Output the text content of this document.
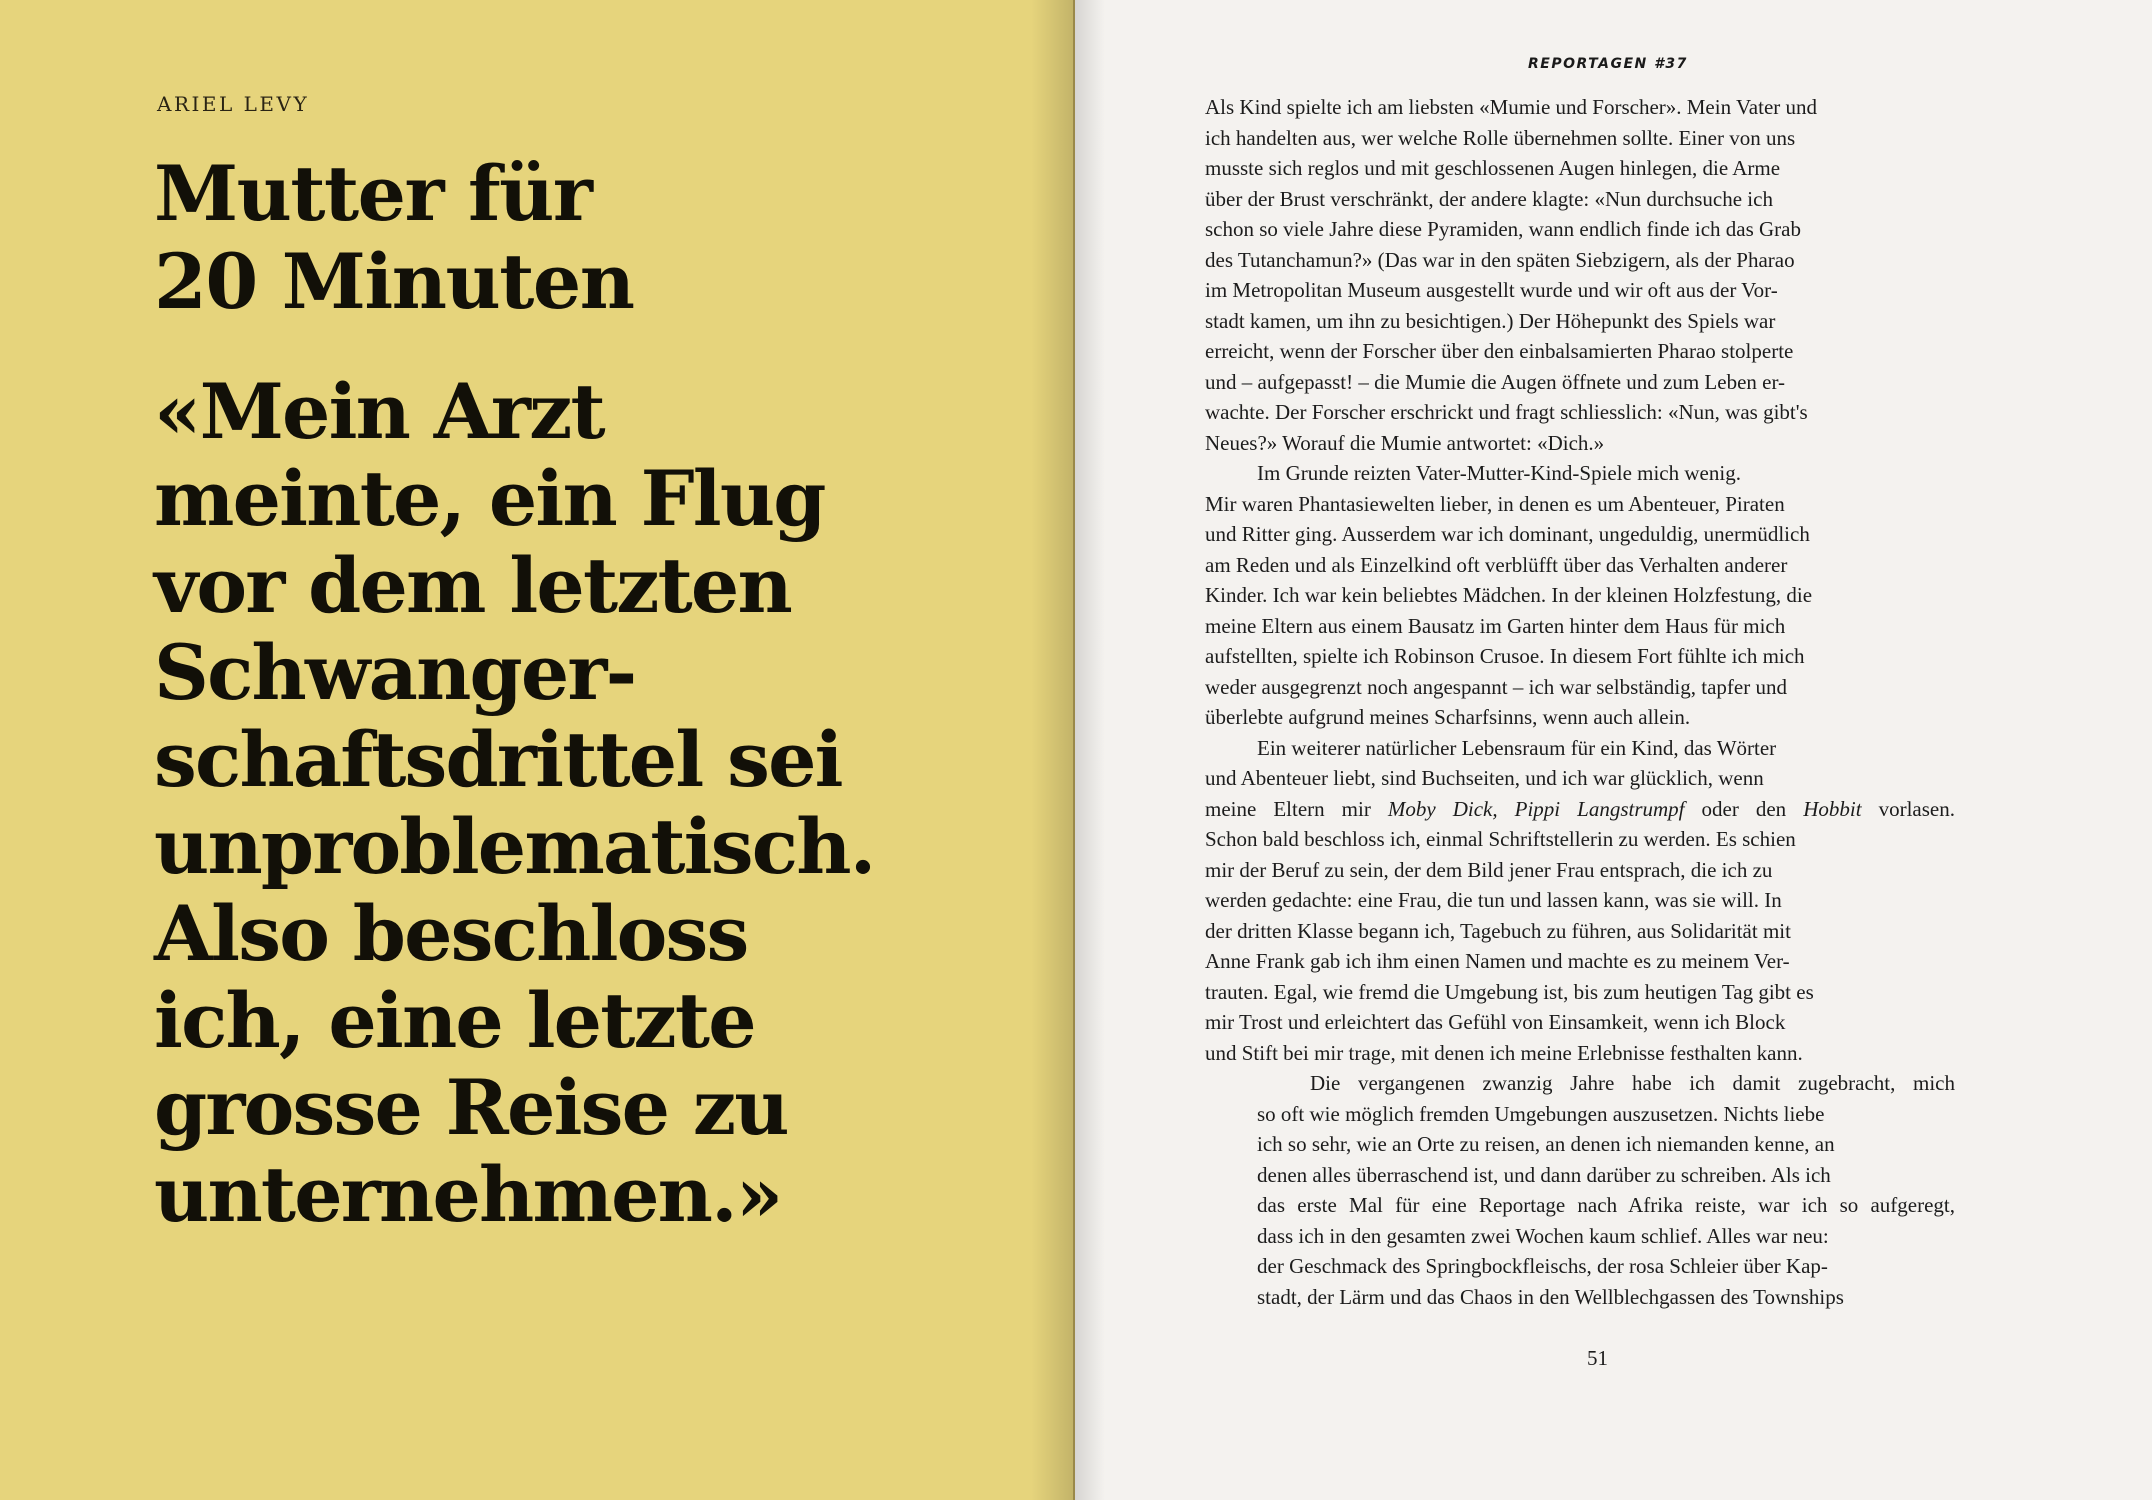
ARIEL LEVY
Mutter für
20 Minuten
«Mein Arzt
meinte, ein Flug
vor dem letzten
Schwanger-
schaftsdrittel sei
unproblematisch.
Also beschloss
ich, eine letzte
grosse Reise zu
unternehmen.»
REPORTAGEN #37
Als Kind spielte ich am liebsten «Mumie und Forscher». Mein Vater und
ich handelten aus, wer welche Rolle übernehmen sollte. Einer von uns
musste sich reglos und mit geschlossenen Augen hinlegen, die Arme
über der Brust verschränkt, der andere klagte: «Nun durchsuche ich
schon so viele Jahre diese Pyramiden, wann endlich finde ich das Grab
des Tutanchamun?» (Das war in den späten Siebzigern, als der Pharao
im Metropolitan Museum ausgestellt wurde und wir oft aus der Vor-
stadt kamen, um ihn zu besichtigen.) Der Höhepunkt des Spiels war
erreicht, wenn der Forscher über den einbalsamierten Pharao stolperte
und – aufgepasst! – die Mumie die Augen öffnete und zum Leben er-
wachte. Der Forscher erschrickt und fragt schliesslich: «Nun, was gibt's
Neues?» Worauf die Mumie antwortet: «Dich.»
Im Grunde reizten Vater-Mutter-Kind-Spiele mich wenig.
Mir waren Phantasiewelten lieber, in denen es um Abenteuer, Piraten
und Ritter ging. Ausserdem war ich dominant, ungeduldig, unermüdlich
am Reden und als Einzelkind oft verblüfft über das Verhalten anderer
Kinder. Ich war kein beliebtes Mädchen. In der kleinen Holzfestung, die
meine Eltern aus einem Bausatz im Garten hinter dem Haus für mich
aufstellten, spielte ich Robinson Crusoe. In diesem Fort fühlte ich mich
weder ausgegrenzt noch angespannt – ich war selbständig, tapfer und
überlebte aufgrund meines Scharfsinns, wenn auch allein.
Ein weiterer natürlicher Lebensraum für ein Kind, das Wörter
und Abenteuer liebt, sind Buchseiten, und ich war glücklich, wenn
meine Eltern mir Moby Dick, Pippi Langstrumpf oder den Hobbit vorlasen.
Schon bald beschloss ich, einmal Schriftstellerin zu werden. Es schien
mir der Beruf zu sein, der dem Bild jener Frau entsprach, die ich zu
werden gedachte: eine Frau, die tun und lassen kann, was sie will. In
der dritten Klasse begann ich, Tagebuch zu führen, aus Solidarität mit
Anne Frank gab ich ihm einen Namen und machte es zu meinem Ver-
trauten. Egal, wie fremd die Umgebung ist, bis zum heutigen Tag gibt es
mir Trost und erleichtert das Gefühl von Einsamkeit, wenn ich Block
und Stift bei mir trage, mit denen ich meine Erlebnisse festhalten kann.
Die vergangenen zwanzig Jahre habe ich damit zugebracht, mich
so oft wie möglich fremden Umgebungen auszusetzen. Nichts liebe
ich so sehr, wie an Orte zu reisen, an denen ich niemanden kenne, an
denen alles überraschend ist, und dann darüber zu schreiben. Als ich
das erste Mal für eine Reportage nach Afrika reiste, war ich so aufgeregt,
dass ich in den gesamten zwei Wochen kaum schlief. Alles war neu:
der Geschmack des Springbockfleischs, der rosa Schleier über Kap-
stadt, der Lärm und das Chaos in den Wellblechgassen des Townships
51
